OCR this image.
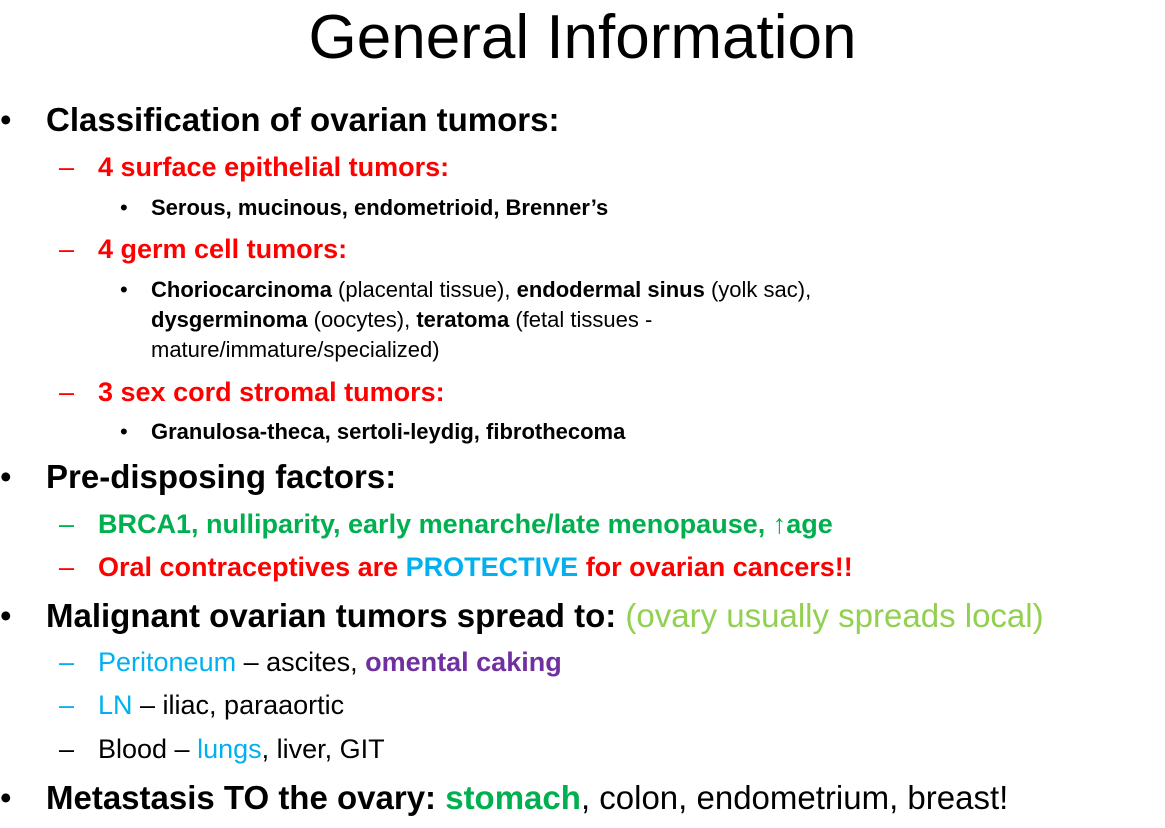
General Information
• Classification of ovarian tumors:
– 4 surface epithelial tumors:
• Serous, mucinous, endometrioid, Brenner’s
– 4 germ cell tumors:
• Choriocarcinoma (placental tissue), endodermal sinus (yolk sac),
dysgerminoma (oocytes), teratoma (fetal tissues -
mature/immature/specialized)
– 3 sex cord stromal tumors:
• Granulosa-theca, sertoli-leydig, fibrothecoma
• Pre-disposing factors:
– BRCA1, nulliparity, early menarche/late menopause, ↑age
– Oral contraceptives are PROTECTIVE for ovarian cancers!!
• Malignant ovarian tumors spread to: (ovary usually spreads local)
– Peritoneum – ascites, omental caking
– LN – iliac, paraaortic
– Blood – lungs, liver, GIT
• Metastasis TO the ovary: stomach, colon, endometrium, breast!
